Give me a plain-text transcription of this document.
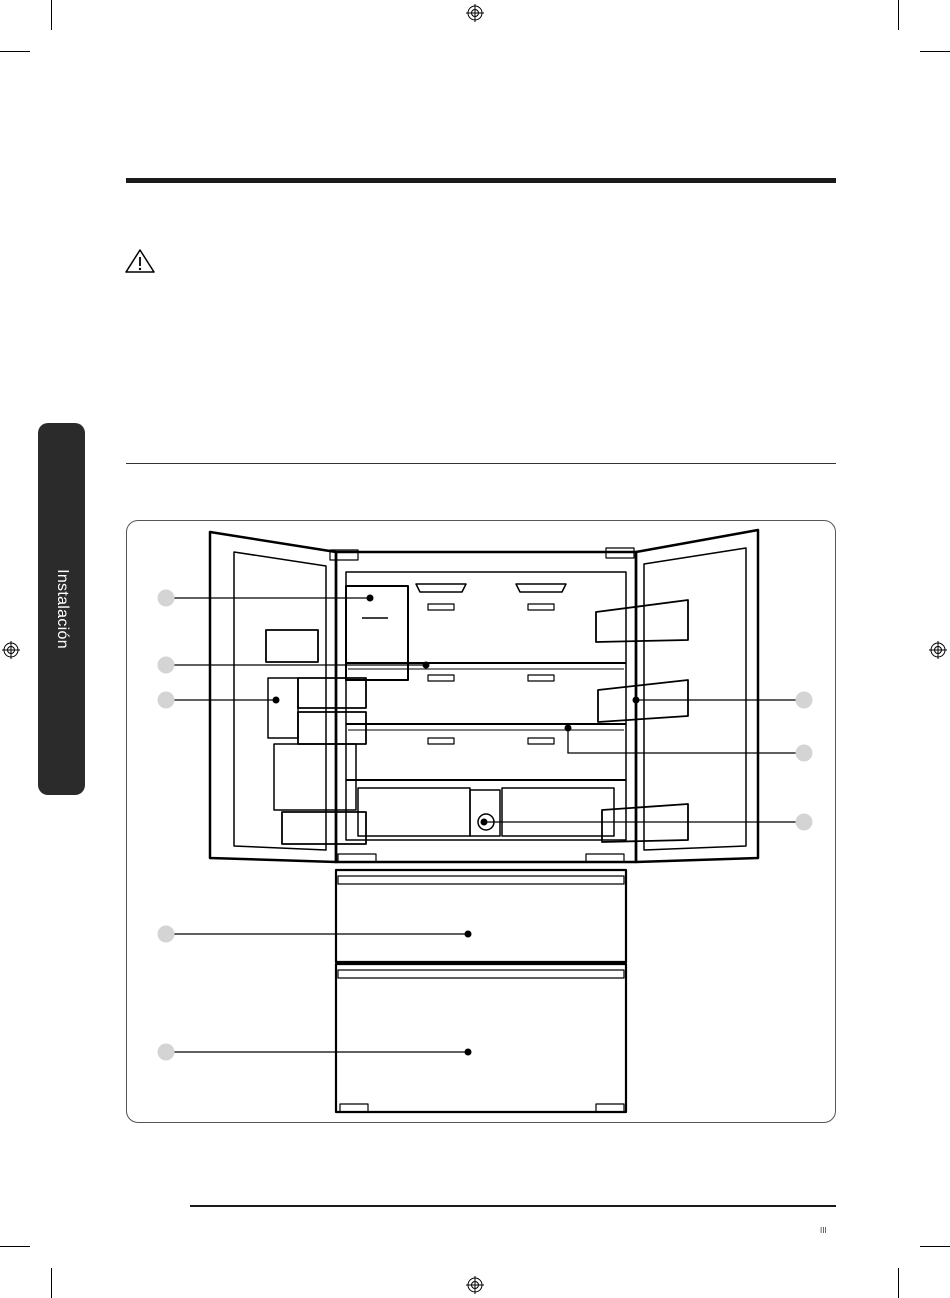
Instalación
III
